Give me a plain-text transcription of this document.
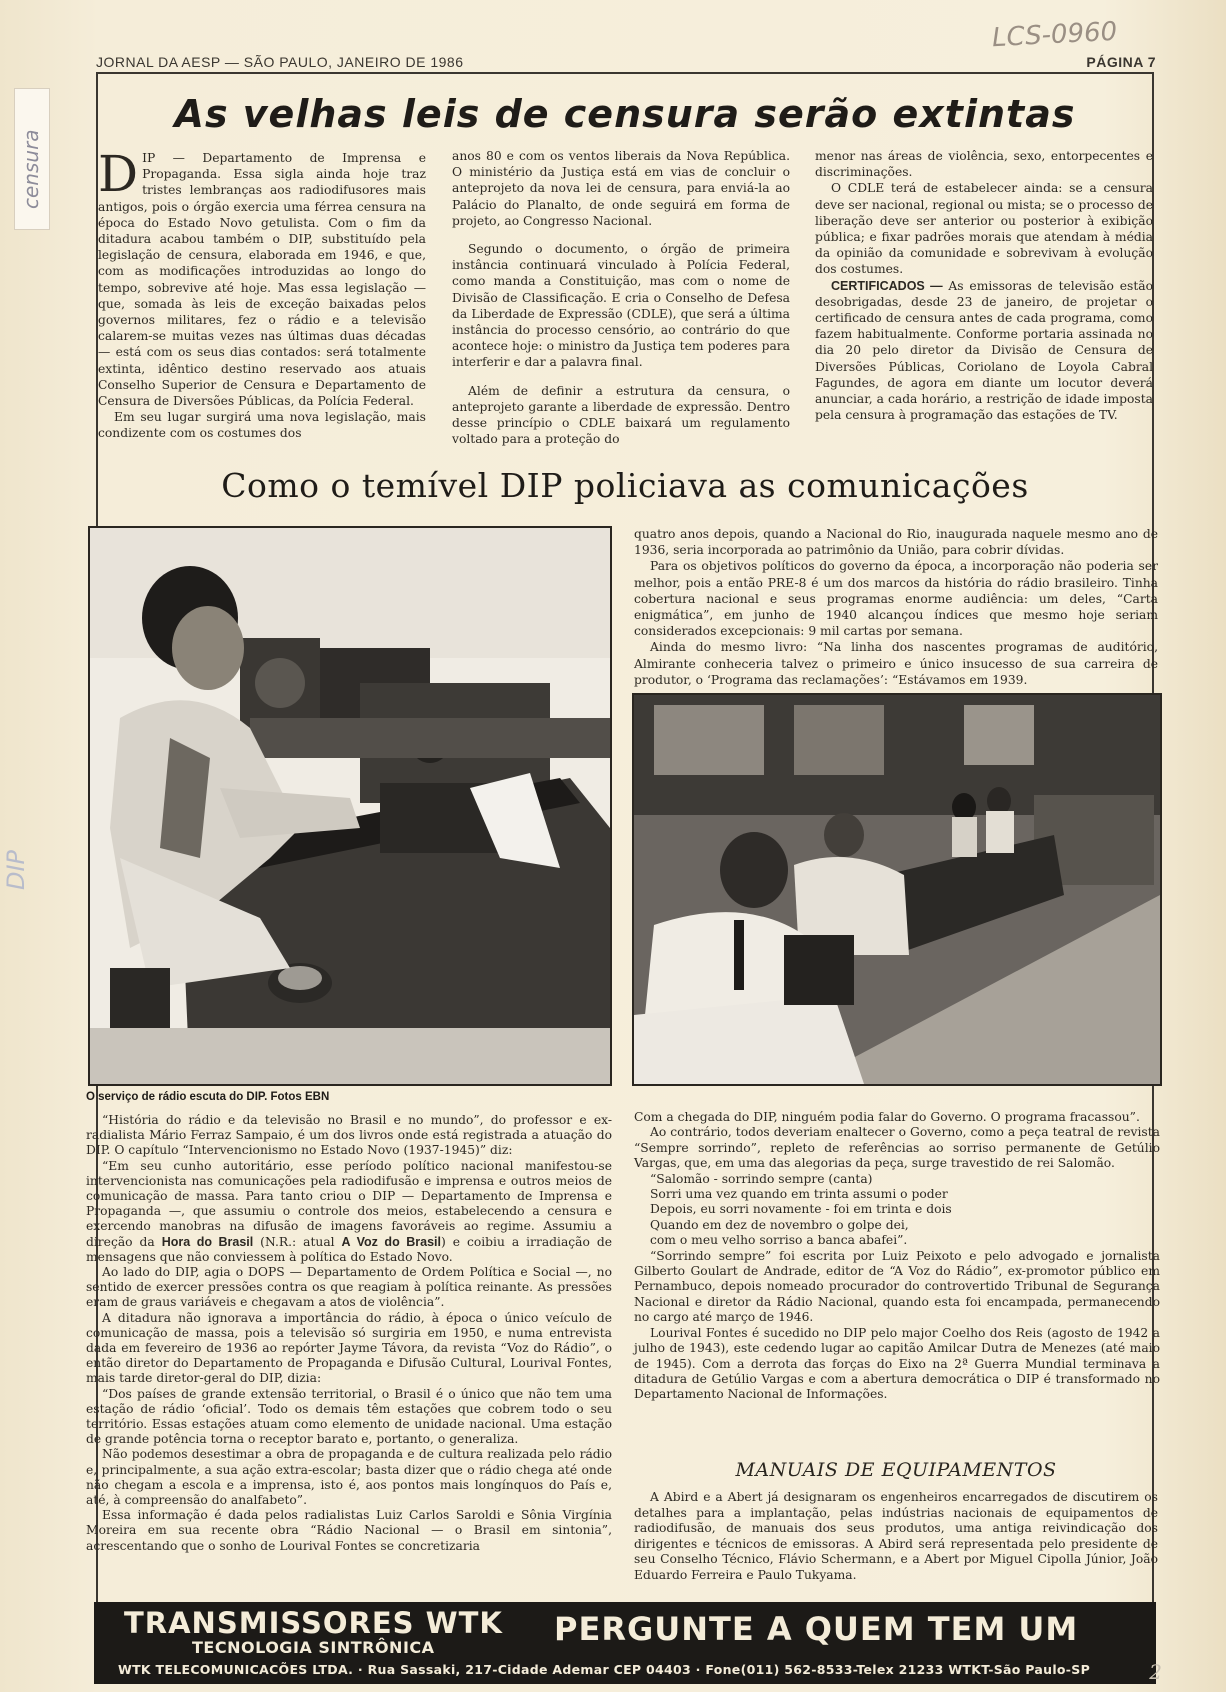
censura
DIP
LCS-0960
JORNAL DA AESP — SÃO PAULO, JANEIRO DE 1986	PÁGINA 7
As velhas leis de censura serão extintas

DIP — Departamento de Imprensa e Propaganda. Essa sigla ainda hoje traz tristes lembranças aos radiodifusores mais antigos, pois o órgão exercia uma férrea censura na época do Estado Novo getulista. Com o fim da ditadura acabou também o DIP, substituído pela legislação de censura, elaborada em 1946, e que, com as modificações introduzidas ao longo do tempo, sobrevive até hoje. Mas essa legislação — que, somada às leis de exceção baixadas pelos governos militares, fez o rádio e a televisão calarem-se muitas vezes nas últimas duas décadas — está com os seus dias contados: será totalmente extinta, idêntico destino reservado aos atuais Conselho Superior de Censura e Departamento de Censura de Diversões Públicas, da Polícia Federal.

Em seu lugar surgirá uma nova legislação, mais condizente com os costumes dos

anos 80 e com os ventos liberais da Nova República. O ministério da Justiça está em vias de concluir o anteprojeto da nova lei de censura, para enviá-la ao Palácio do Planalto, de onde seguirá em forma de projeto, ao Congresso Nacional.

Segundo o documento, o órgão de primeira instância continuará vinculado à Polícia Federal, como manda a Constituição, mas com o nome de Divisão de Classificação. E cria o Conselho de Defesa da Liberdade de Expressão (CDLE), que será a última instância do processo censório, ao contrário do que acontece hoje: o ministro da Justiça tem poderes para interferir e dar a palavra final.

Além de definir a estrutura da censura, o anteprojeto garante a liberdade de expressão. Dentro desse princípio o CDLE baixará um regulamento voltado para a proteção do

menor nas áreas de violência, sexo, entorpecentes e discriminações.

O CDLE terá de estabelecer ainda: se a censura deve ser nacional, regional ou mista; se o processo de liberação deve ser anterior ou posterior à exibição pública; e fixar padrões morais que atendam à média da opinião da comunidade e sobrevivam à evolução dos costumes.

CERTIFICADOS — As emissoras de televisão estão desobrigadas, desde 23 de janeiro, de projetar o certificado de censura antes de cada programa, como fazem habitualmente. Conforme portaria assinada no dia 20 pelo diretor da Divisão de Censura de Diversões Públicas, Coriolano de Loyola Cabral Fagundes, de agora em diante um locutor deverá anunciar, a cada horário, a restrição de idade imposta pela censura à programação das estações de TV.

Como o temível DIP policiava as comunicações
O serviço de rádio escuta do DIP. Fotos EBN

quatro anos depois, quando a Nacional do Rio, inaugurada naquele mesmo ano de 1936, seria incorporada ao patrimônio da União, para cobrir dívidas.

Para os objetivos políticos do governo da época, a incorporação não poderia ser melhor, pois a então PRE-8 é um dos marcos da história do rádio brasileiro. Tinha cobertura nacional e seus programas enorme audiência: um deles, “Carta enigmática”, em junho de 1940 alcançou índices que mesmo hoje seriam considerados excepcionais: 9 mil cartas por semana.

Ainda do mesmo livro: “Na linha dos nascentes programas de auditório, Almirante conheceria talvez o primeiro e único insucesso de sua carreira de produtor, o ‘Programa das reclamações’: “Estávamos em 1939.

“História do rádio e da televisão no Brasil e no mundo”, do professor e ex-radialista Mário Ferraz Sampaio, é um dos livros onde está registrada a atuação do DIP. O capítulo “Intervencionismo no Estado Novo (1937-1945)” diz:

“Em seu cunho autoritário, esse período político nacional manifestou-se intervencionista nas comunicações pela radiodifusão e imprensa e outros meios de comunicação de massa. Para tanto criou o DIP — Departamento de Imprensa e Propaganda —, que assumiu o controle dos meios, estabelecendo a censura e exercendo manobras na difusão de imagens favoráveis ao regime. Assumiu a direção da Hora do Brasil (N.R.: atual A Voz do Brasil) e coibiu a irradiação de mensagens que não conviessem à política do Estado Novo.

Ao lado do DIP, agia o DOPS — Departamento de Ordem Política e Social —, no sentido de exercer pressões contra os que reagiam à política reinante. As pressões eram de graus variáveis e chegavam a atos de violência”.

A ditadura não ignorava a importância do rádio, à época o único veículo de comunicação de massa, pois a televisão só surgiria em 1950, e numa entrevista dada em fevereiro de 1936 ao repórter Jayme Távora, da revista “Voz do Rádio”, o então diretor do Departamento de Propaganda e Difusão Cultural, Lourival Fontes, mais tarde diretor-geral do DIP, dizia:

“Dos países de grande extensão territorial, o Brasil é o único que não tem uma estação de rádio ‘oficial’. Todo os demais têm estações que cobrem todo o seu território. Essas estações atuam como elemento de unidade nacional. Uma estação de grande potência torna o receptor barato e, portanto, o generaliza.

Não podemos desestimar a obra de propaganda e de cultura realizada pelo rádio e, principalmente, a sua ação extra-escolar; basta dizer que o rádio chega até onde não chegam a escola e a imprensa, isto é, aos pontos mais longínquos do País e, até, à compreensão do analfabeto”.

Essa informação é dada pelos radialistas Luiz Carlos Saroldi e Sônia Virgínia Moreira em sua recente obra “Rádio Nacional — o Brasil em sintonia”, acrescentando que o sonho de Lourival Fontes se concretizaria

Com a chegada do DIP, ninguém podia falar do Governo. O programa fracassou”.

Ao contrário, todos deveriam enaltecer o Governo, como a peça teatral de revista “Sempre sorrindo”, repleto de referências ao sorriso permanente de Getúlio Vargas, que, em uma das alegorias da peça, surge travestido de rei Salomão.

“Salomão - sorrindo sempre (canta)

Sorri uma vez quando em trinta assumi o poder

Depois, eu sorri novamente - foi em trinta e dois

Quando em dez de novembro o golpe dei,

com o meu velho sorriso a banca abafei”.

“Sorrindo sempre” foi escrita por Luiz Peixoto e pelo advogado e jornalista Gilberto Goulart de Andrade, editor de “A Voz do Rádio”, ex-promotor público em Pernambuco, depois nomeado procurador do controvertido Tribunal de Segurança Nacional e diretor da Rádio Nacional, quando esta foi encampada, permanecendo no cargo até março de 1946.

Lourival Fontes é sucedido no DIP pelo major Coelho dos Reis (agosto de 1942 a julho de 1943), este cedendo lugar ao capitão Amilcar Dutra de Menezes (até maio de 1945). Com a derrota das forças do Eixo na 2ª Guerra Mundial terminava a ditadura de Getúlio Vargas e com a abertura democrática o DIP é transformado no Departamento Nacional de Informações.

MANUAIS DE EQUIPAMENTOS

A Abird e a Abert já designaram os engenheiros encarregados de discutirem os detalhes para a implantação, pelas indústrias nacionais de equipamentos de radiodifusão, de manuais dos seus produtos, uma antiga reivindicação dos dirigentes e técnicos de emissoras. A Abird será representada pelo presidente de seu Conselho Técnico, Flávio Schermann, e a Abert por Miguel Cipolla Júnior, João Eduardo Ferreira e Paulo Tukyama.

TRANSMISSORES WTK
TECNOLOGIA SINTRÔNICA	PERGUNTE A QUEM TEM UM
WTK TELECOMUNICACÕES LTDA. · Rua Sassaki, 217-Cidade Ademar CEP 04403 · Fone(011) 562-8533-Telex 21233 WTKT-São Paulo-SP	2
